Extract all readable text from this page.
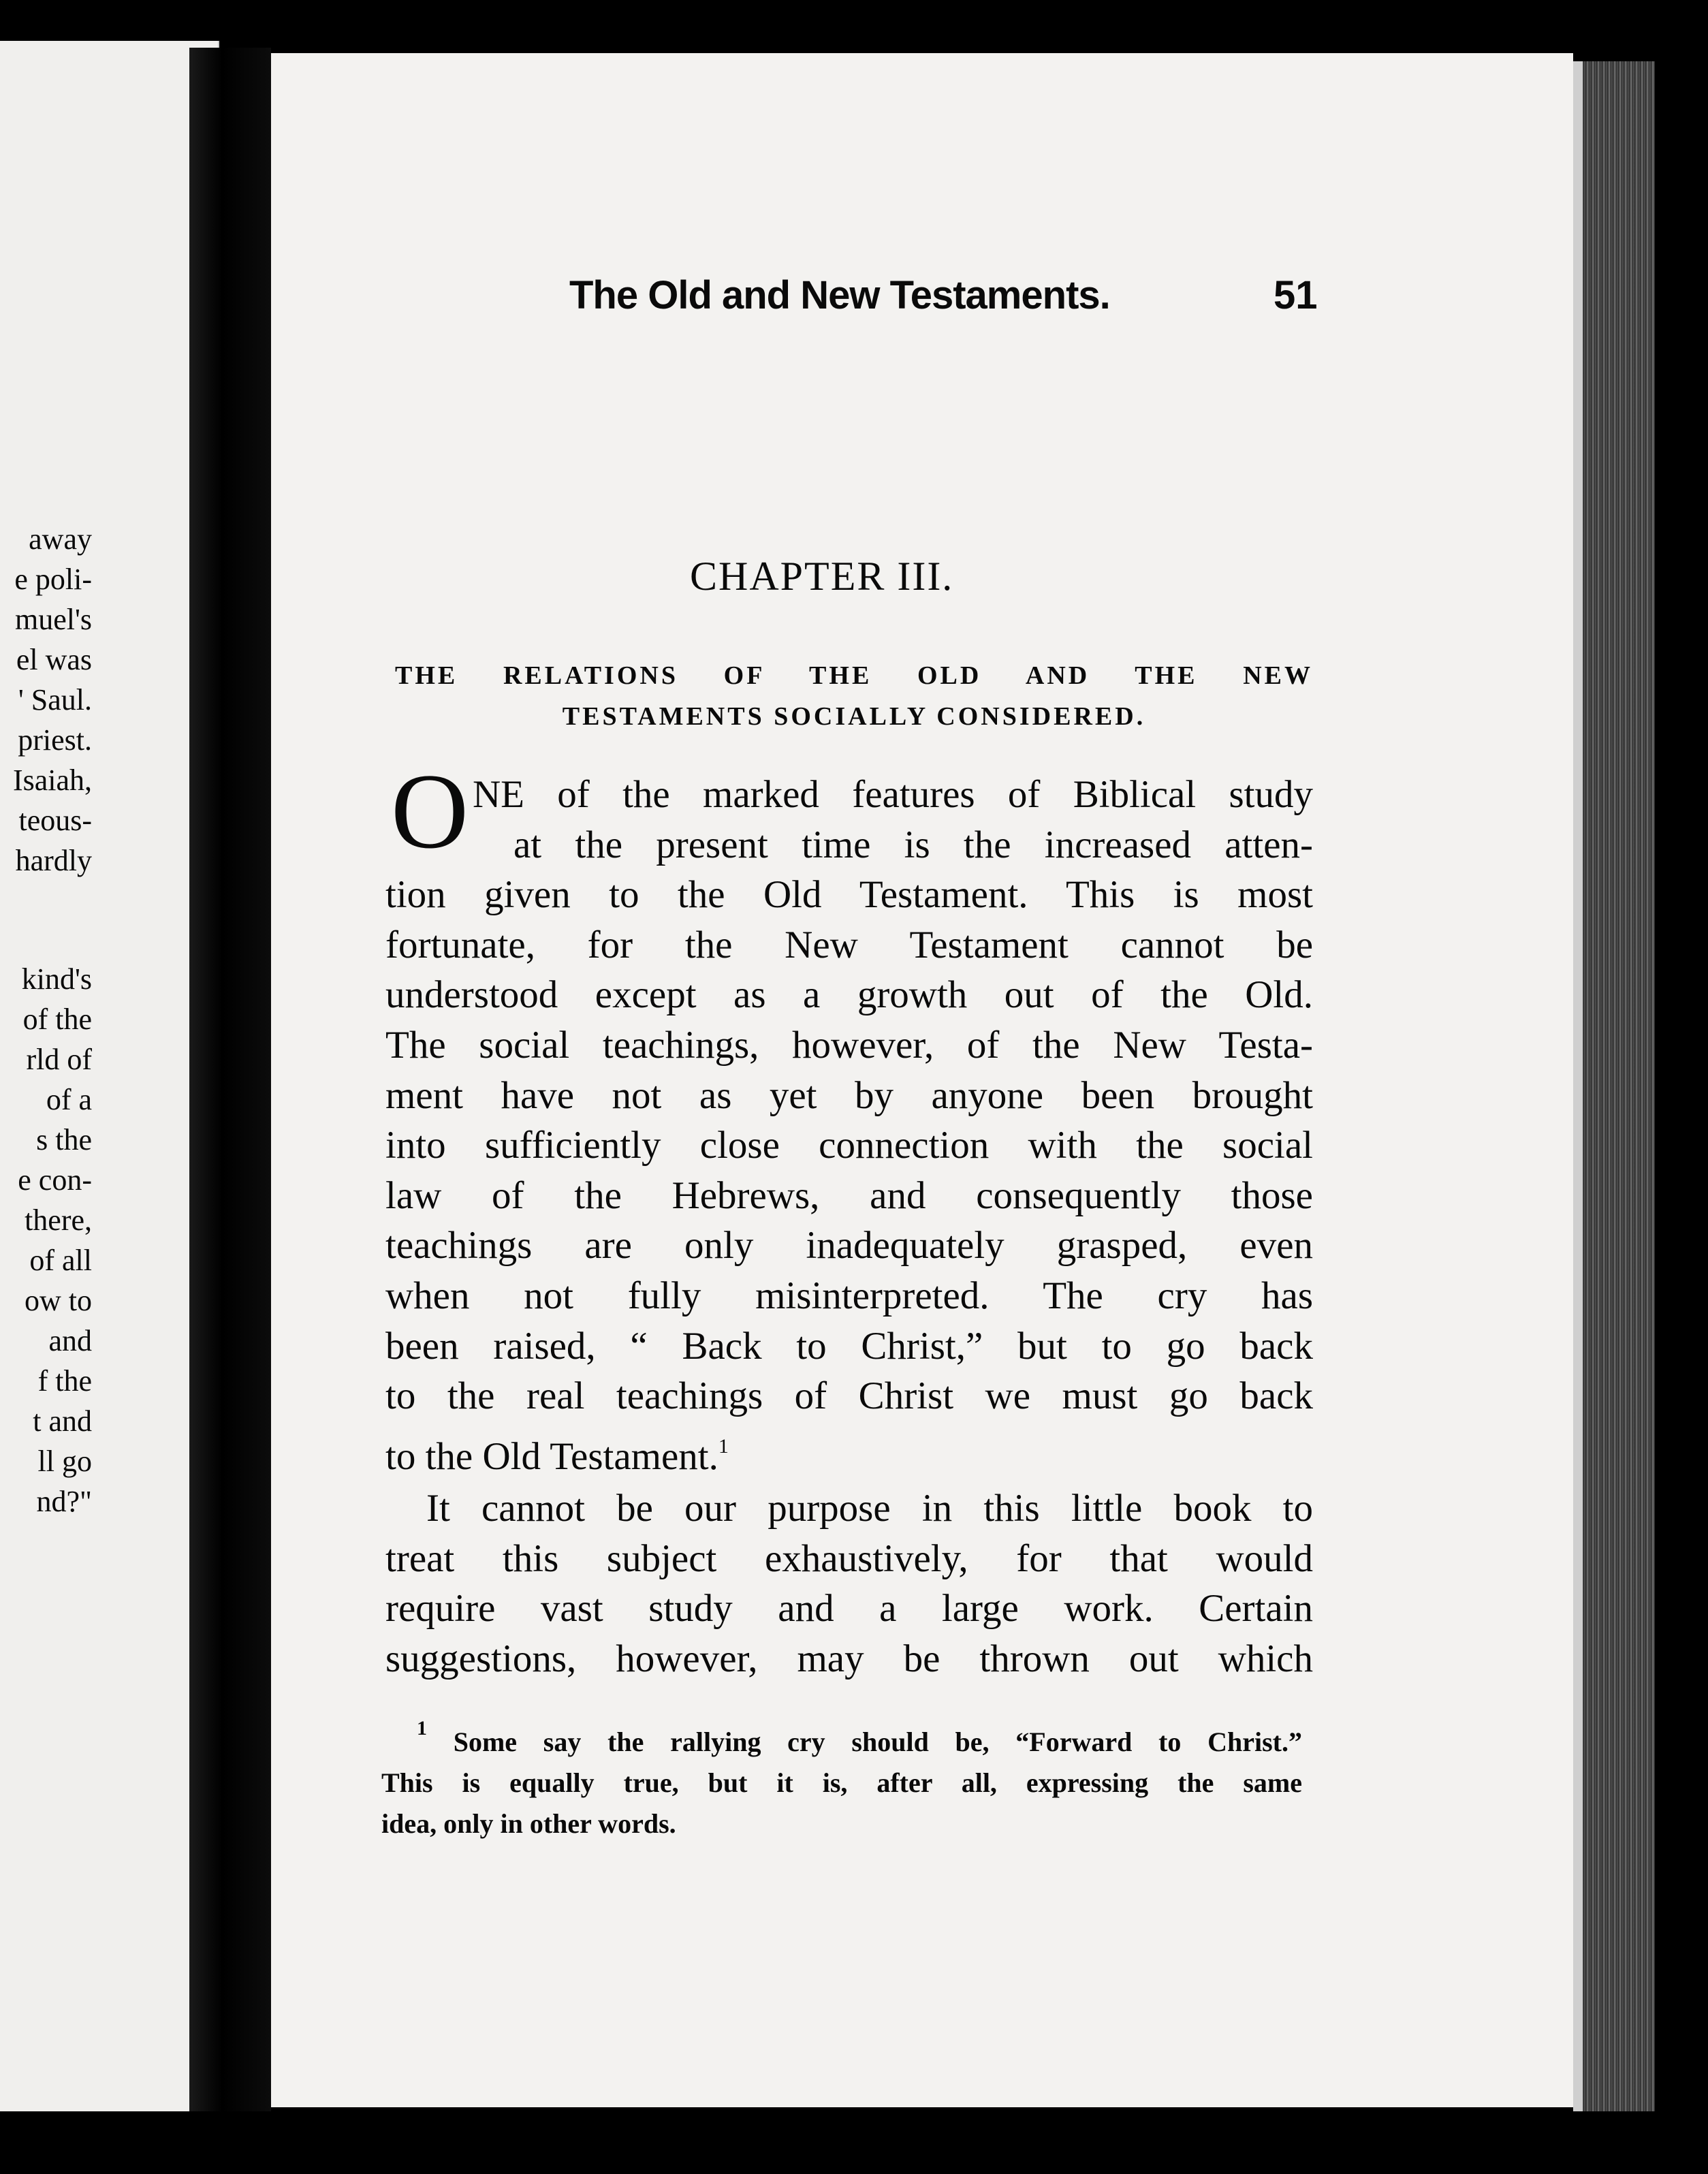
away
e poli-
muel's
el was
' Saul.
priest.
Isaiah,
teous-
hardly
kind's
of the
rld of
of a
s the
e con-
there,
of all
ow to
and
f the
t and
ll go
nd?"
The Old and New Testaments.	51
CHAPTER III.
THE RELATIONS OF THE OLD AND THE NEW
TESTAMENTS SOCIALLY CONSIDERED.
O NE of the marked features of Biblical study
at the present time is the increased atten-
tion given to the Old Testament. This is most
fortunate, for the New Testament cannot be
understood except as a growth out of the Old.
The social teachings, however, of the New Testa-
ment have not as yet by anyone been brought
into sufficiently close connection with the social
law of the Hebrews, and consequently those
teachings are only inadequately grasped, even
when not fully misinterpreted. The cry has
been raised, “ Back to Christ,” but to go back
to the real teachings of Christ we must go back
to the Old Testament.$^1$
It cannot be our purpose in this little book to
treat this subject exhaustively, for that would
require vast study and a large work. Certain
suggestions, however, may be thrown out which
$^1$ Some say the rallying cry should be, “Forward to Christ.”
This is equally true, but it is, after all, expressing the same
idea, only in other words.
